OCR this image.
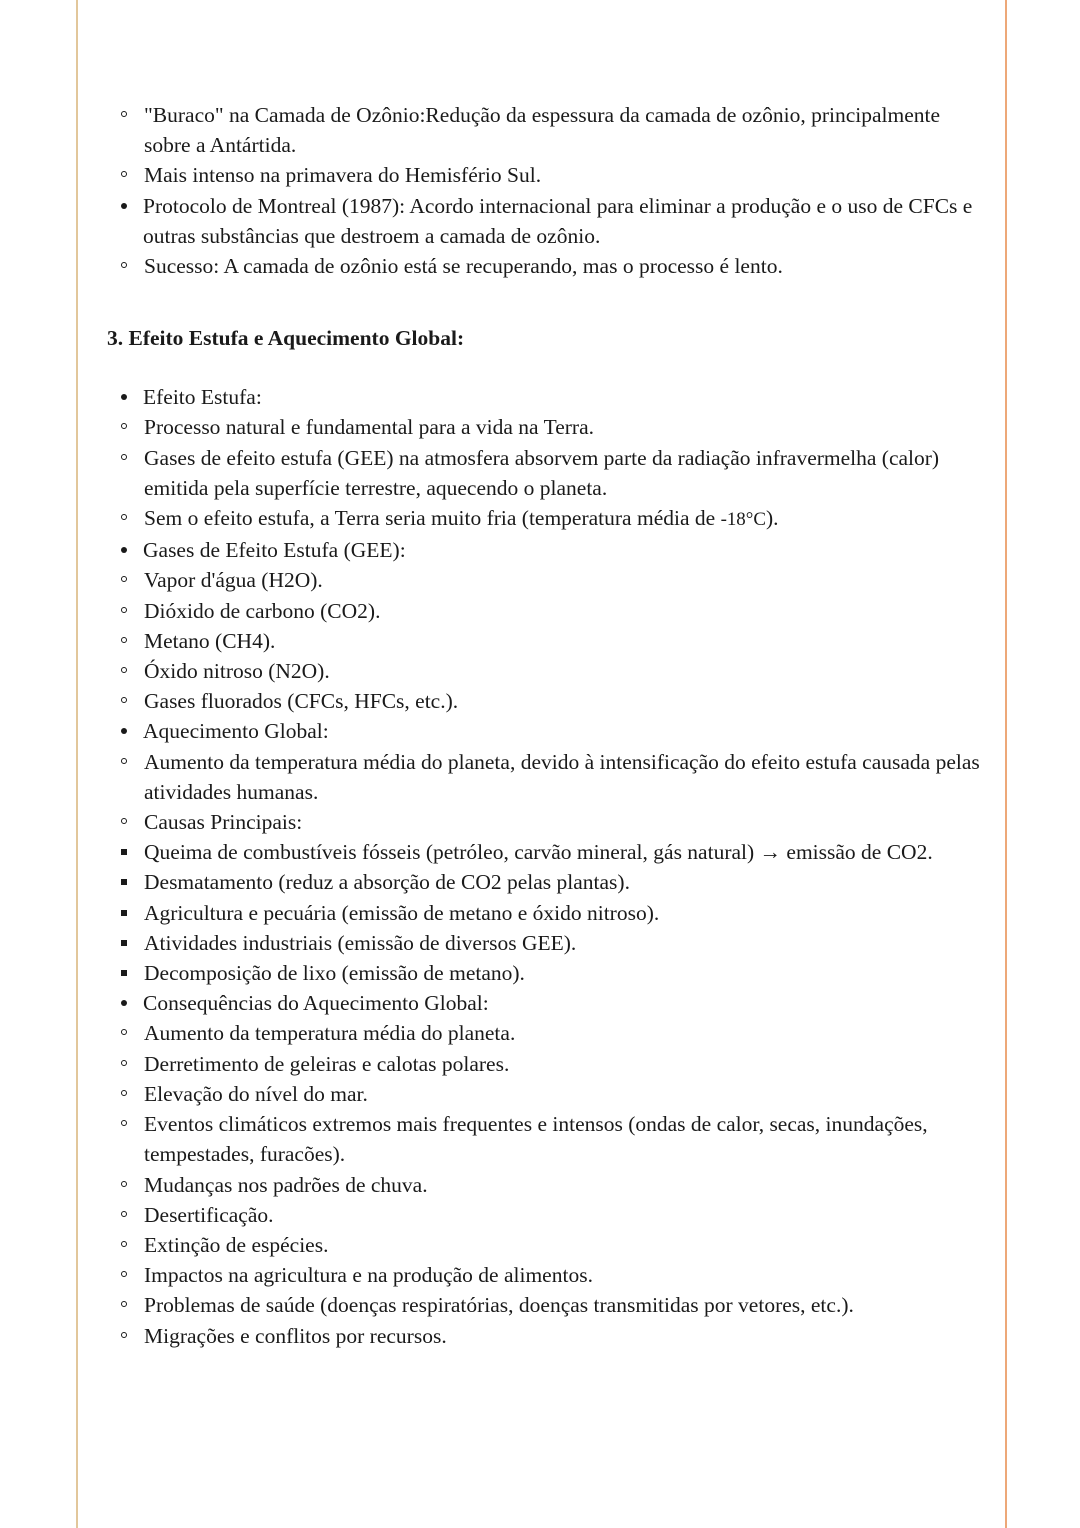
"Buraco" na Camada de Ozônio:Redução da espessura da camada de ozônio, principalmente sobre a Antártida.
Mais intenso na primavera do Hemisfério Sul.
Protocolo de Montreal (1987): Acordo internacional para eliminar a produção e o uso de CFCs e outras substâncias que destroem a camada de ozônio.
Sucesso: A camada de ozônio está se recuperando, mas o processo é lento.
3. Efeito Estufa e Aquecimento Global:
Efeito Estufa:
Processo natural e fundamental para a vida na Terra.
Gases de efeito estufa (GEE) na atmosfera absorvem parte da radiação infravermelha (calor) emitida pela superfície terrestre, aquecendo o planeta.
Sem o efeito estufa, a Terra seria muito fria (temperatura média de -18°C).
Gases de Efeito Estufa (GEE):
Vapor d'água (H2O).
Dióxido de carbono (CO2).
Metano (CH4).
Óxido nitroso (N2O).
Gases fluorados (CFCs, HFCs, etc.).
Aquecimento Global:
Aumento da temperatura média do planeta, devido à intensificação do efeito estufa causada pelas atividades humanas.
Causas Principais:
Queima de combustíveis fósseis (petróleo, carvão mineral, gás natural) → emissão de CO2.
Desmatamento (reduz a absorção de CO2 pelas plantas).
Agricultura e pecuária (emissão de metano e óxido nitroso).
Atividades industriais (emissão de diversos GEE).
Decomposição de lixo (emissão de metano).
Consequências do Aquecimento Global:
Aumento da temperatura média do planeta.
Derretimento de geleiras e calotas polares.
Elevação do nível do mar.
Eventos climáticos extremos mais frequentes e intensos (ondas de calor, secas, inundações, tempestades, furacões).
Mudanças nos padrões de chuva.
Desertificação.
Extinção de espécies.
Impactos na agricultura e na produção de alimentos.
Problemas de saúde (doenças respiratórias, doenças transmitidas por vetores, etc.).
Migrações e conflitos por recursos.
